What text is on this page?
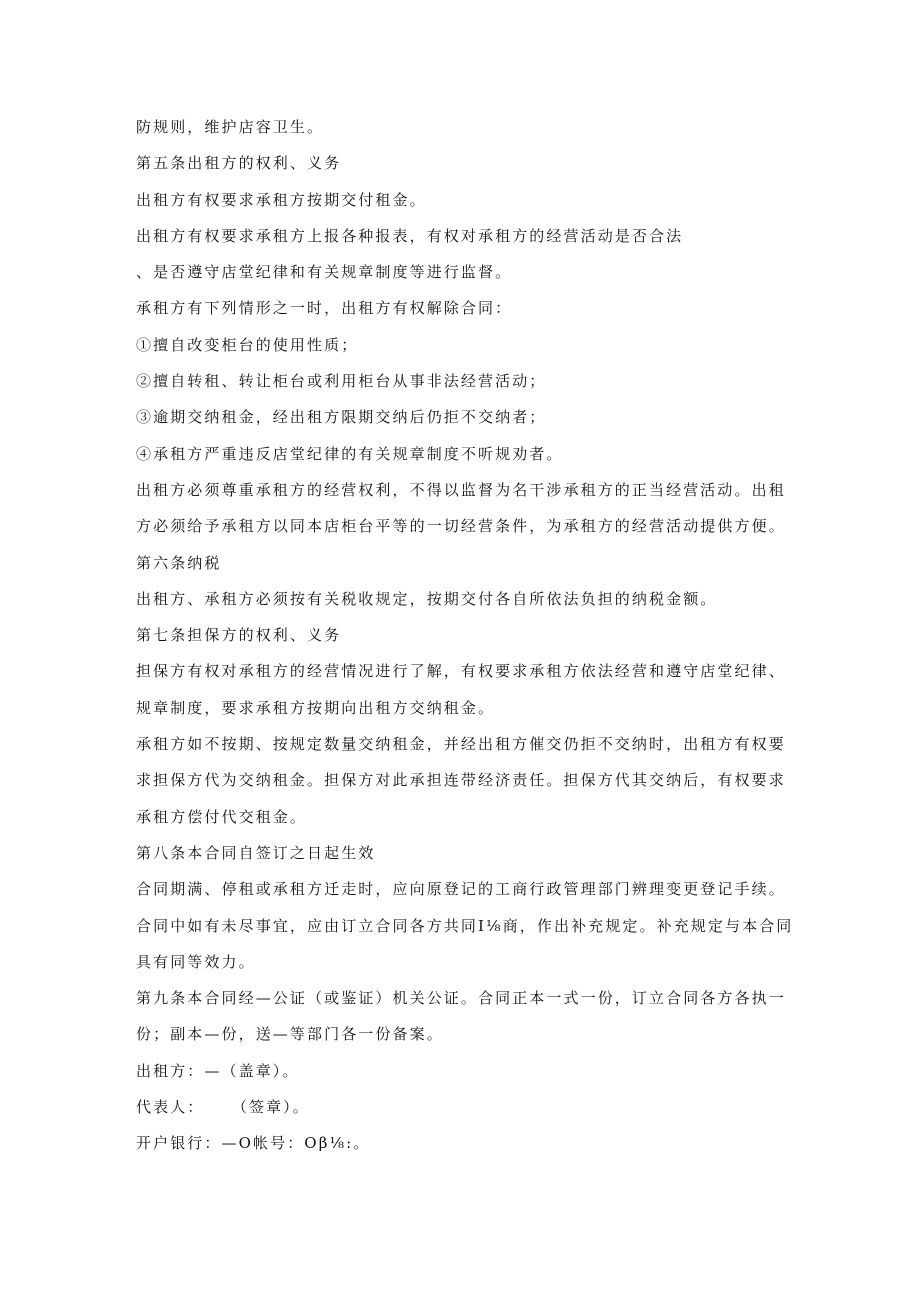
防规则，维护店容卫生。
第五条出租方的权利、义务
出租方有权要求承租方按期交付租金。
出租方有权要求承租方上报各种报表，有权对承租方的经营活动是否合法
、是否遵守店堂纪律和有关规章制度等进行监督。
承租方有下列情形之一时，出租方有权解除合同：
①擅自改变柜台的使用性质；
②擅自转租、转让柜台或利用柜台从事非法经营活动；
③逾期交纳租金，经出租方限期交纳后仍拒不交纳者；
④承租方严重违反店堂纪律的有关规章制度不听规劝者。
出租方必须尊重承租方的经营权利，不得以监督为名干涉承租方的正当经营活动。出租
方必须给予承租方以同本店柜台平等的一切经营条件，为承租方的经营活动提供方便。
第六条纳税
出租方、承租方必须按有关税收规定，按期交付各自所依法负担的纳税金额。
第七条担保方的权利、义务
担保方有权对承租方的经营情况进行了解，有权要求承租方依法经营和遵守店堂纪律、
规章制度，要求承租方按期向出租方交纳租金。
承租方如不按期、按规定数量交纳租金，并经出租方催交仍拒不交纳时，出租方有权要
求担保方代为交纳租金。担保方对此承担连带经济责任。担保方代其交纳后，有权要求
承租方偿付代交租金。
第八条本合同自签订之日起生效
合同期满、停租或承租方迁走时，应向原登记的工商行政管理部门辨理变更登记手续。
合同中如有未尽事宜，应由订立合同各方共同I⅛商，作出补充规定。补充规定与本合同
具有同等效力。
第九条本合同经—公证（或鉴证）机关公证。合同正本一式一份，订立合同各方各执一
份；副本—份，送—等部门各一份备案。
出租方：—（盖章）。
代表人：    （签章）。
开户银行：—O帐号：Oβ⅛:。
